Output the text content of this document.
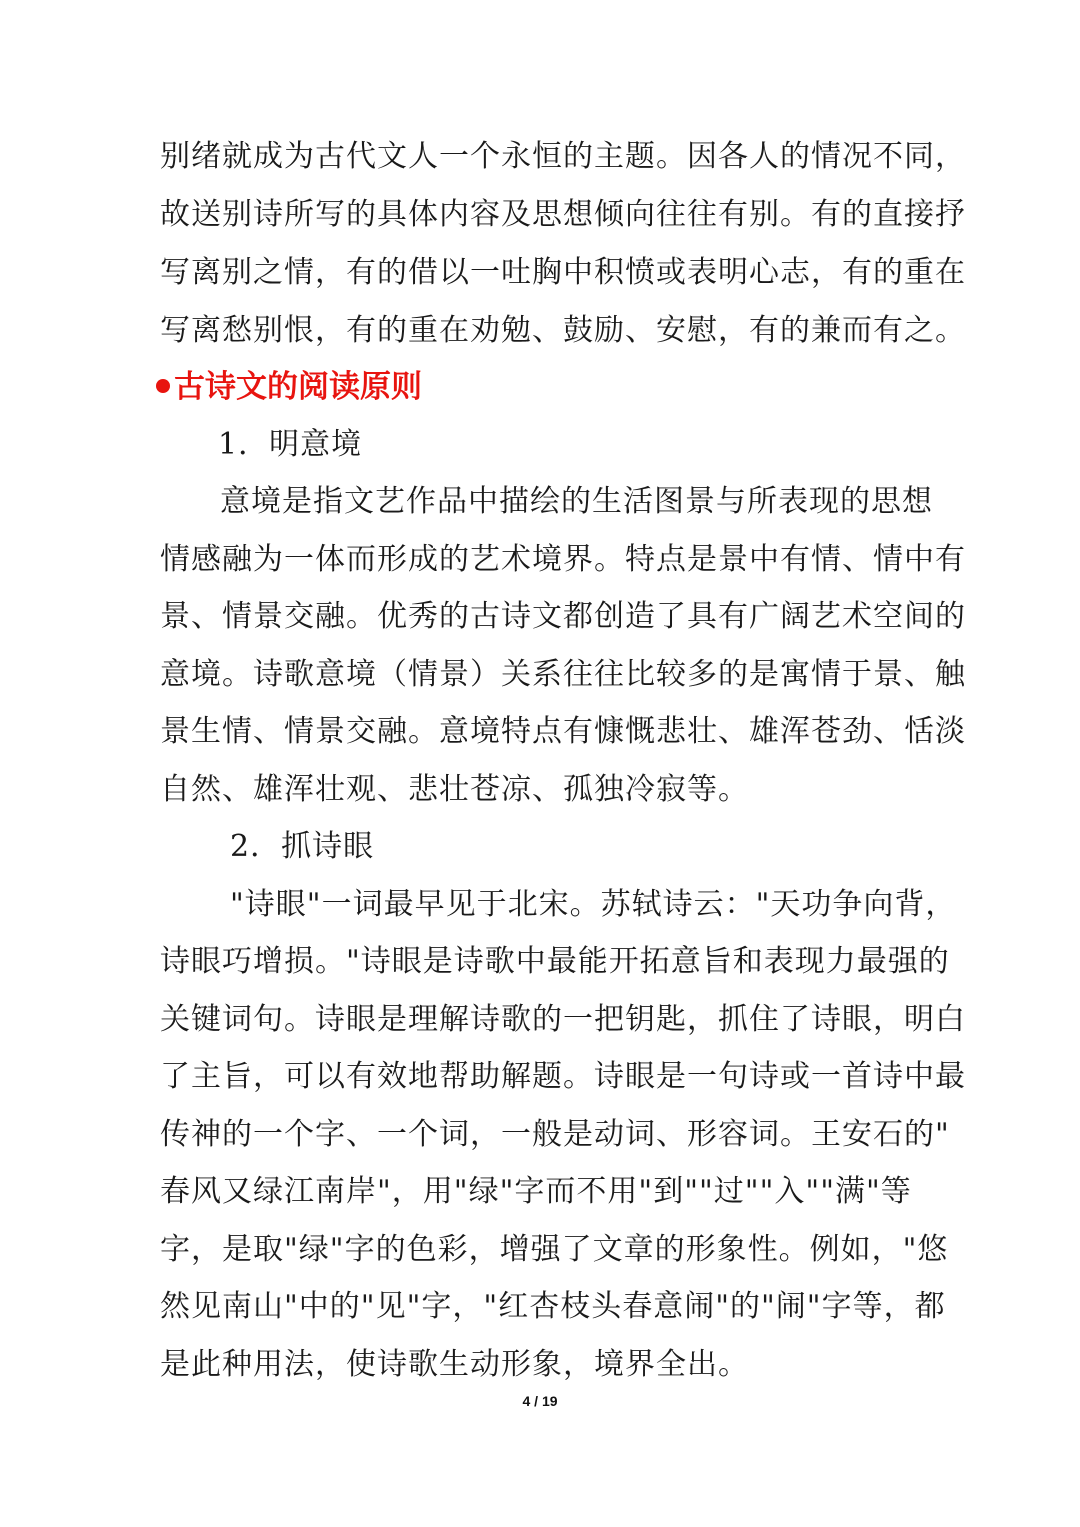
别绪就成为古代文人一个永恒的主题。因各人的情况不同，
故送别诗所写的具体内容及思想倾向往往有别。有的直接抒
写离别之情，有的借以一吐胸中积愤或表明心志，有的重在
写离愁别恨，有的重在劝勉、鼓励、安慰，有的兼而有之。
古诗文的阅读原则
1．明意境
意境是指文艺作品中描绘的生活图景与所表现的思想
情感融为一体而形成的艺术境界。特点是景中有情、情中有
景、情景交融。优秀的古诗文都创造了具有广阔艺术空间的
意境。诗歌意境（情景）关系往往比较多的是寓情于景、触
景生情、情景交融。意境特点有慷慨悲壮、雄浑苍劲、恬淡
自然、雄浑壮观、悲壮苍凉、孤独冷寂等。
2．抓诗眼
"诗眼"一词最早见于北宋。苏轼诗云："天功争向背，
诗眼巧增损。"诗眼是诗歌中最能开拓意旨和表现力最强的
关键词句。诗眼是理解诗歌的一把钥匙，抓住了诗眼，明白
了主旨，可以有效地帮助解题。诗眼是一句诗或一首诗中最
传神的一个字、一个词，一般是动词、形容词。王安石的"
春风又绿江南岸"，用"绿"字而不用"到""过""入""满"等
字，是取"绿"字的色彩，增强了文章的形象性。例如，"悠
然见南山"中的"见"字，"红杏枝头春意闹"的"闹"字等，都
是此种用法，使诗歌生动形象，境界全出。
4 / 19
